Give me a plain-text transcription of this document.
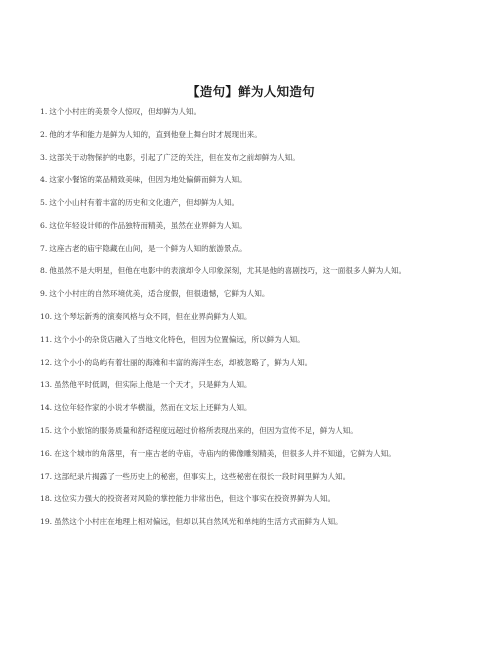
【造句】鲜为人知造句
1. 这个小村庄的美景令人惊叹，但却鲜为人知。
2. 他的才华和能力是鲜为人知的，直到他登上舞台时才展现出来。
3. 这部关于动物保护的电影，引起了广泛的关注，但在发布之前却鲜为人知。
4. 这家小餐馆的菜品精致美味，但因为地处偏僻而鲜为人知。
5. 这个小山村有着丰富的历史和文化遗产，但却鲜为人知。
6. 这位年轻设计师的作品独特而精美，虽然在业界鲜为人知。
7. 这座古老的庙宇隐藏在山间，是一个鲜为人知的旅游景点。
8. 他虽然不是大明星，但他在电影中的表演却令人印象深刻，尤其是他的喜剧技巧，这一面很多人鲜为人知。
9. 这个小村庄的自然环境优美，适合度假，但很遗憾，它鲜为人知。
10. 这个琴坛新秀的演奏风格与众不同，但在业界尚鲜为人知。
11. 这个小小的杂货店融入了当地文化特色，但因为位置偏远，所以鲜为人知。
12. 这个小小的岛屿有着壮丽的海滩和丰富的海洋生态，却被忽略了，鲜为人知。
13. 虽然他平时低调，但实际上他是一个天才，只是鲜为人知。
14. 这位年轻作家的小说才华横溢，然而在文坛上还鲜为人知。
15. 这个小旅馆的服务质量和舒适程度远超过价格所表现出来的，但因为宣传不足，鲜为人知。
16. 在这个城市的角落里，有一座古老的寺庙，寺庙内的佛像雕刻精美，但很多人并不知道，它鲜为人知。
17. 这部纪录片揭露了一些历史上的秘密，但事实上，这些秘密在很长一段时间里鲜为人知。
18. 这位实力强大的投资者对风险的掌控能力非常出色，但这个事实在投资界鲜为人知。
19. 虽然这个小村庄在地理上相对偏远，但却以其自然风光和单纯的生活方式而鲜为人知。
